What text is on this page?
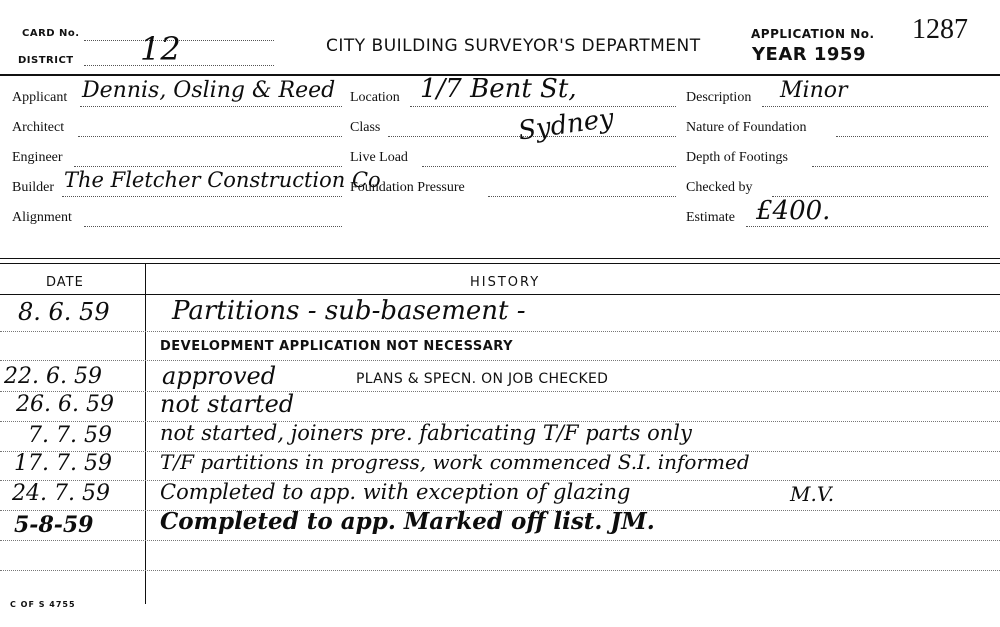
CARD No.
DISTRICT 12	CITY BUILDING SURVEYOR'S DEPARTMENT
APPLICATION No. 1287
YEAR 1959
Applicant Dennis, Osling & Reed
Architect
Engineer
Builder The Fletcher Construction Co
Alignment
Location 1/7 Bent St,
Class	Sydney
Live Load
Foundation Pressure
Description Minor
Nature of Foundation
Depth of Footings
Checked by
Estimate £400.
DATE	HISTORY
8. 6. 59 Partitions - sub-basement -
DEVELOPMENT APPLICATION NOT NECESSARY
22. 6. 59	approved	PLANS & SPECN. ON JOB CHECKED
26. 6. 59 not started
7. 7. 59 not started, joiners pre. fabricating T/F parts only
17. 7. 59 T/F partitions in progress, work commenced S.I. informed
24. 7. 59 Completed to app. with exception of glazing	M.V.
5-8-59	Completed to app. Marked off list. JM.
C OF S 4755
